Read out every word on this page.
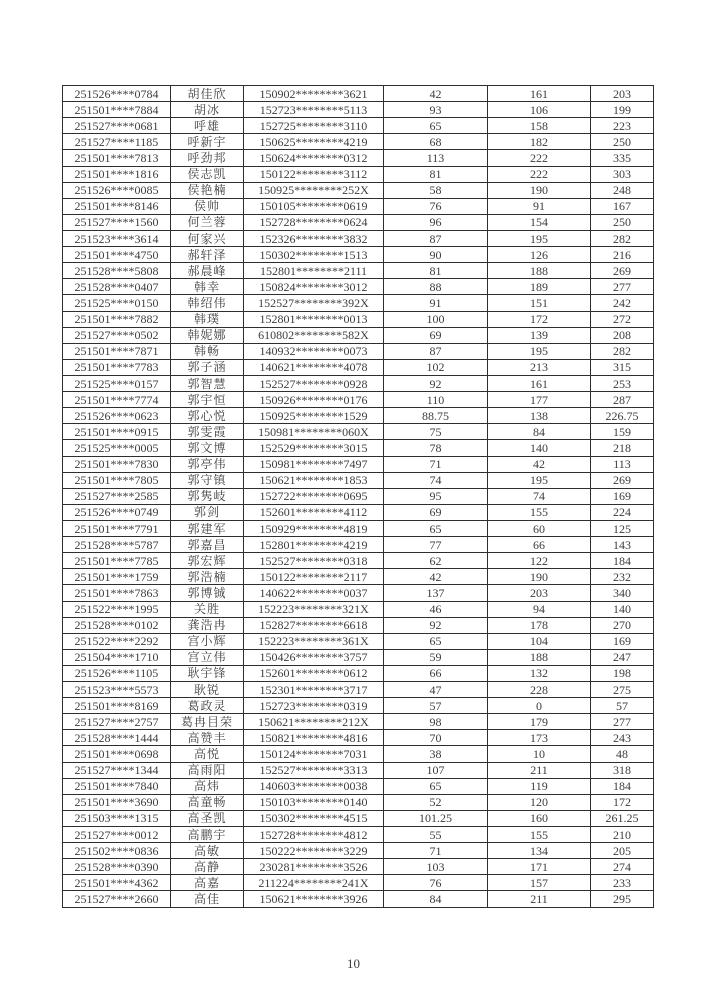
251526****0784	胡佳欣	150902********3621	42	161	203
251501****7884	胡冰	152723********5113	93	106	199
251527****0681	呼雄	152725********3110	65	158	223
251527****1185	呼新宇	150625********4219	68	182	250
251501****7813	呼劲邦	150624********0312	113	222	335
251501****1816	侯志凯	150122********3112	81	222	303
251526****0085	侯艳楠	150925********252X	58	190	248
251501****8146	侯帅	150105********0619	76	91	167
251527****1560	何兰蓉	152728********0624	96	154	250
251523****3614	何家兴	152326********3832	87	195	282
251501****4750	郝轩泽	150302********1513	90	126	216
251528****5808	郝晨峰	152801********2111	81	188	269
251528****0407	韩幸	150824********3012	88	189	277
251525****0150	韩绍伟	152527********392X	91	151	242
251501****7882	韩璞	152801********0013	100	172	272
251527****0502	韩妮娜	610802********582X	69	139	208
251501****7871	韩畅	140932********0073	87	195	282
251501****7783	郭子涵	140621********4078	102	213	315
251525****0157	郭智慧	152527********0928	92	161	253
251501****7774	郭宇恒	150926********0176	110	177	287
251526****0623	郭心悦	150925********1529	88.75	138	226.75
251501****0915	郭雯霞	150981********060X	75	84	159
251525****0005	郭文博	152529********3015	78	140	218
251501****7830	郭亭伟	150981********7497	71	42	113
251501****7805	郭守镇	150621********1853	74	195	269
251527****2585	郭隽岐	152722********0695	95	74	169
251526****0749	郭剑	152601********4112	69	155	224
251501****7791	郭建军	150929********4819	65	60	125
251528****5787	郭嘉昌	152801********4219	77	66	143
251501****7785	郭宏辉	152527********0318	62	122	184
251501****1759	郭浩楠	150122********2117	42	190	232
251501****7863	郭博铖	140622********0037	137	203	340
251522****1995	关胜	152223********321X	46	94	140
251528****0102	龚浩冉	152827********6618	92	178	270
251522****2292	宫小辉	152223********361X	65	104	169
251504****1710	宫立伟	150426********3757	59	188	247
251526****1105	耿宇锋	152601********0612	66	132	198
251523****5573	耿锐	152301********3717	47	228	275
251501****8169	葛政灵	152723********0319	57	0	57
251527****2757	葛冉目荣	150621********212X	98	179	277
251528****1444	高赞丰	150821********4816	70	173	243
251501****0698	高悦	150124********7031	38	10	48
251527****1344	高雨阳	152527********3313	107	211	318
251501****7840	高炜	140603********0038	65	119	184
251501****3690	高童畅	150103********0140	52	120	172
251503****1315	高圣凯	150302********4515	101.25	160	261.25
251527****0012	高鹏宇	152728********4812	55	155	210
251502****0836	高敏	150222********3229	71	134	205
251528****0390	高静	230281********3526	103	171	274
251501****4362	高嘉	211224********241X	76	157	233
251527****2660	高佳	150621********3926	84	211	295
10
